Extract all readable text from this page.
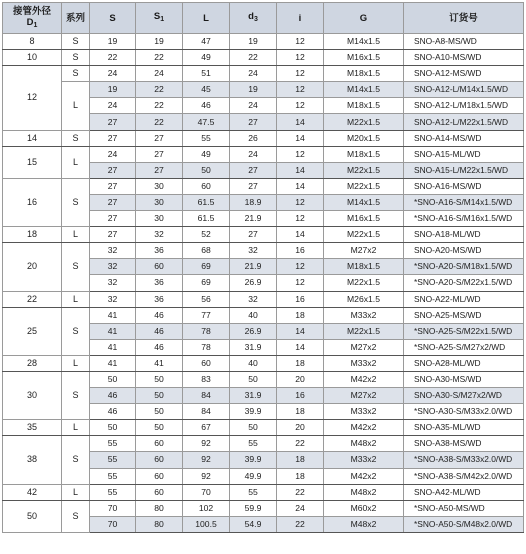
接管外径
$D_1$	系列	S	$S_1$	L	$d_3$	i	G	订货号
8	S	19	19	47	19	12	M14x1.5	SNO-A8-MS/WD
10	S	22	22	49	22	12	M16x1.5	SNO-A10-MS/WD
12	S	24	24	51	24	12	M18x1.5	SNO-A12-MS/WD
	L	19	22	45	19	12	M14x1.5	SNO-A12-L/M14x1.5/WD
		24	22	46	24	12	M18x1.5	SNO-A12-L/M18x1.5/WD
		27	22	47.5	27	14	M22x1.5	SNO-A12-L/M22x1.5/WD
14	S	27	27	55	26	14	M20x1.5	SNO-A14-MS/WD
15	L	24	27	49	24	12	M18x1.5	SNO-A15-ML/WD
		27	27	50	27	14	M22x1.5	SNO-A15-L/M22x1.5/WD
16	S	27	30	60	27	14	M22x1.5	SNO-A16-MS/WD
		27	30	61.5	18.9	12	M14x1.5	*SNO-A16-S/M14x1.5/WD
		27	30	61.5	21.9	12	M16x1.5	*SNO-A16-S/M16x1.5/WD
18	L	27	32	52	27	14	M22x1.5	SNO-A18-ML/WD
20	S	32	36	68	32	16	M27x2	SNO-A20-MS/WD
		32	60	69	21.9	12	M18x1.5	*SNO-A20-S/M18x1.5/WD
		32	36	69	26.9	12	M22x1.5	*SNO-A20-S/M22x1.5/WD
22	L	32	36	56	32	16	M26x1.5	SNO-A22-ML/WD
25	S	41	46	77	40	18	M33x2	SNO-A25-MS/WD
		41	46	78	26.9	14	M22x1.5	*SNO-A25-S/M22x1.5/WD
		41	46	78	31.9	14	M27x2	*SNO-A25-S/M27x2/WD
28	L	41	41	60	40	18	M33x2	SNO-A28-ML/WD
30	S	50	50	83	50	20	M42x2	SNO-A30-MS/WD
		46	50	84	31.9	16	M27x2	SNO-A30-S/M27x2/WD
		46	50	84	39.9	18	M33x2	*SNO-A30-S/M33x2.0/WD
35	L	50	50	67	50	20	M42x2	SNO-A35-ML/WD
38	S	55	60	92	55	22	M48x2	SNO-A38-MS/WD
		55	60	92	39.9	18	M33x2	*SNO-A38-S/M33x2.0/WD
		55	60	92	49.9	18	M42x2	*SNO-A38-S/M42x2.0/WD
42	L	55	60	70	55	22	M48x2	SNO-A42-ML/WD
50	S	70	80	102	59.9	24	M60x2	*SNO-A50-MS/WD
		70	80	100.5	54.9	22	M48x2	*SNO-A50-S/M48x2.0/WD
